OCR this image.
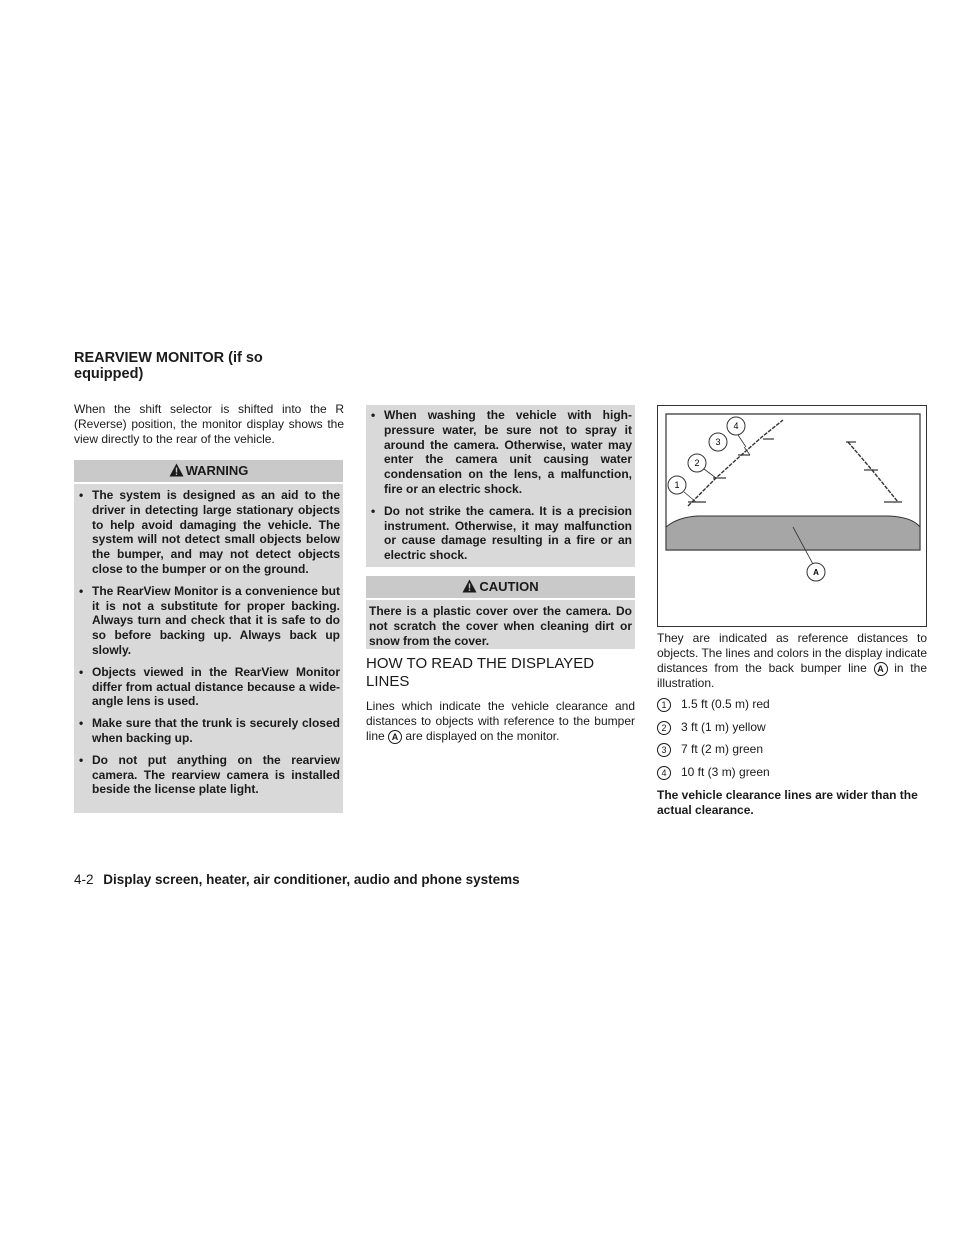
REARVIEW MONITOR (if so
equipped)

When the shift selector is shifted into the R (Reverse) position, the monitor display shows the view directly to the rear of the vehicle.

WARNING
• The system is designed as an aid to the driver in detecting large stationary objects to help avoid damaging the vehicle. The system will not detect small objects below the bumper, and may not detect objects close to the bumper or on the ground.
• The RearView Monitor is a convenience but it is not a substitute for proper backing. Always turn and check that it is safe to do so before backing up. Always back up slowly.
• Objects viewed in the RearView Monitor differ from actual distance because a wide-angle lens is used.
• Make sure that the trunk is securely closed when backing up.
• Do not put anything on the rearview camera. The rearview camera is installed beside the license plate light.
• When washing the vehicle with high-pressure water, be sure not to spray it around the camera. Otherwise, water may enter the camera unit causing water condensation on the lens, a malfunction, fire or an electric shock.
• Do not strike the camera. It is a precision instrument. Otherwise, it may malfunction or cause damage resulting in a fire or an electric shock.
CAUTION

There is a plastic cover over the camera. Do not scratch the cover when cleaning dirt or snow from the cover.

HOW TO READ THE DISPLAYED LINES

Lines which indicate the vehicle clearance and distances to objects with reference to the bumper line A are displayed on the monitor.

1
2
3
4
A

They are indicated as reference distances to objects. The lines and colors in the display indicate distances from the back bumper line A in the illustration.

1 1.5 ft (0.5 m) red
2 3 ft (1 m) yellow
3 7 ft (2 m) green
4 10 ft (3 m) green

The vehicle clearance lines are wider than the actual clearance.

4-2 Display screen, heater, air conditioner, audio and phone systems
